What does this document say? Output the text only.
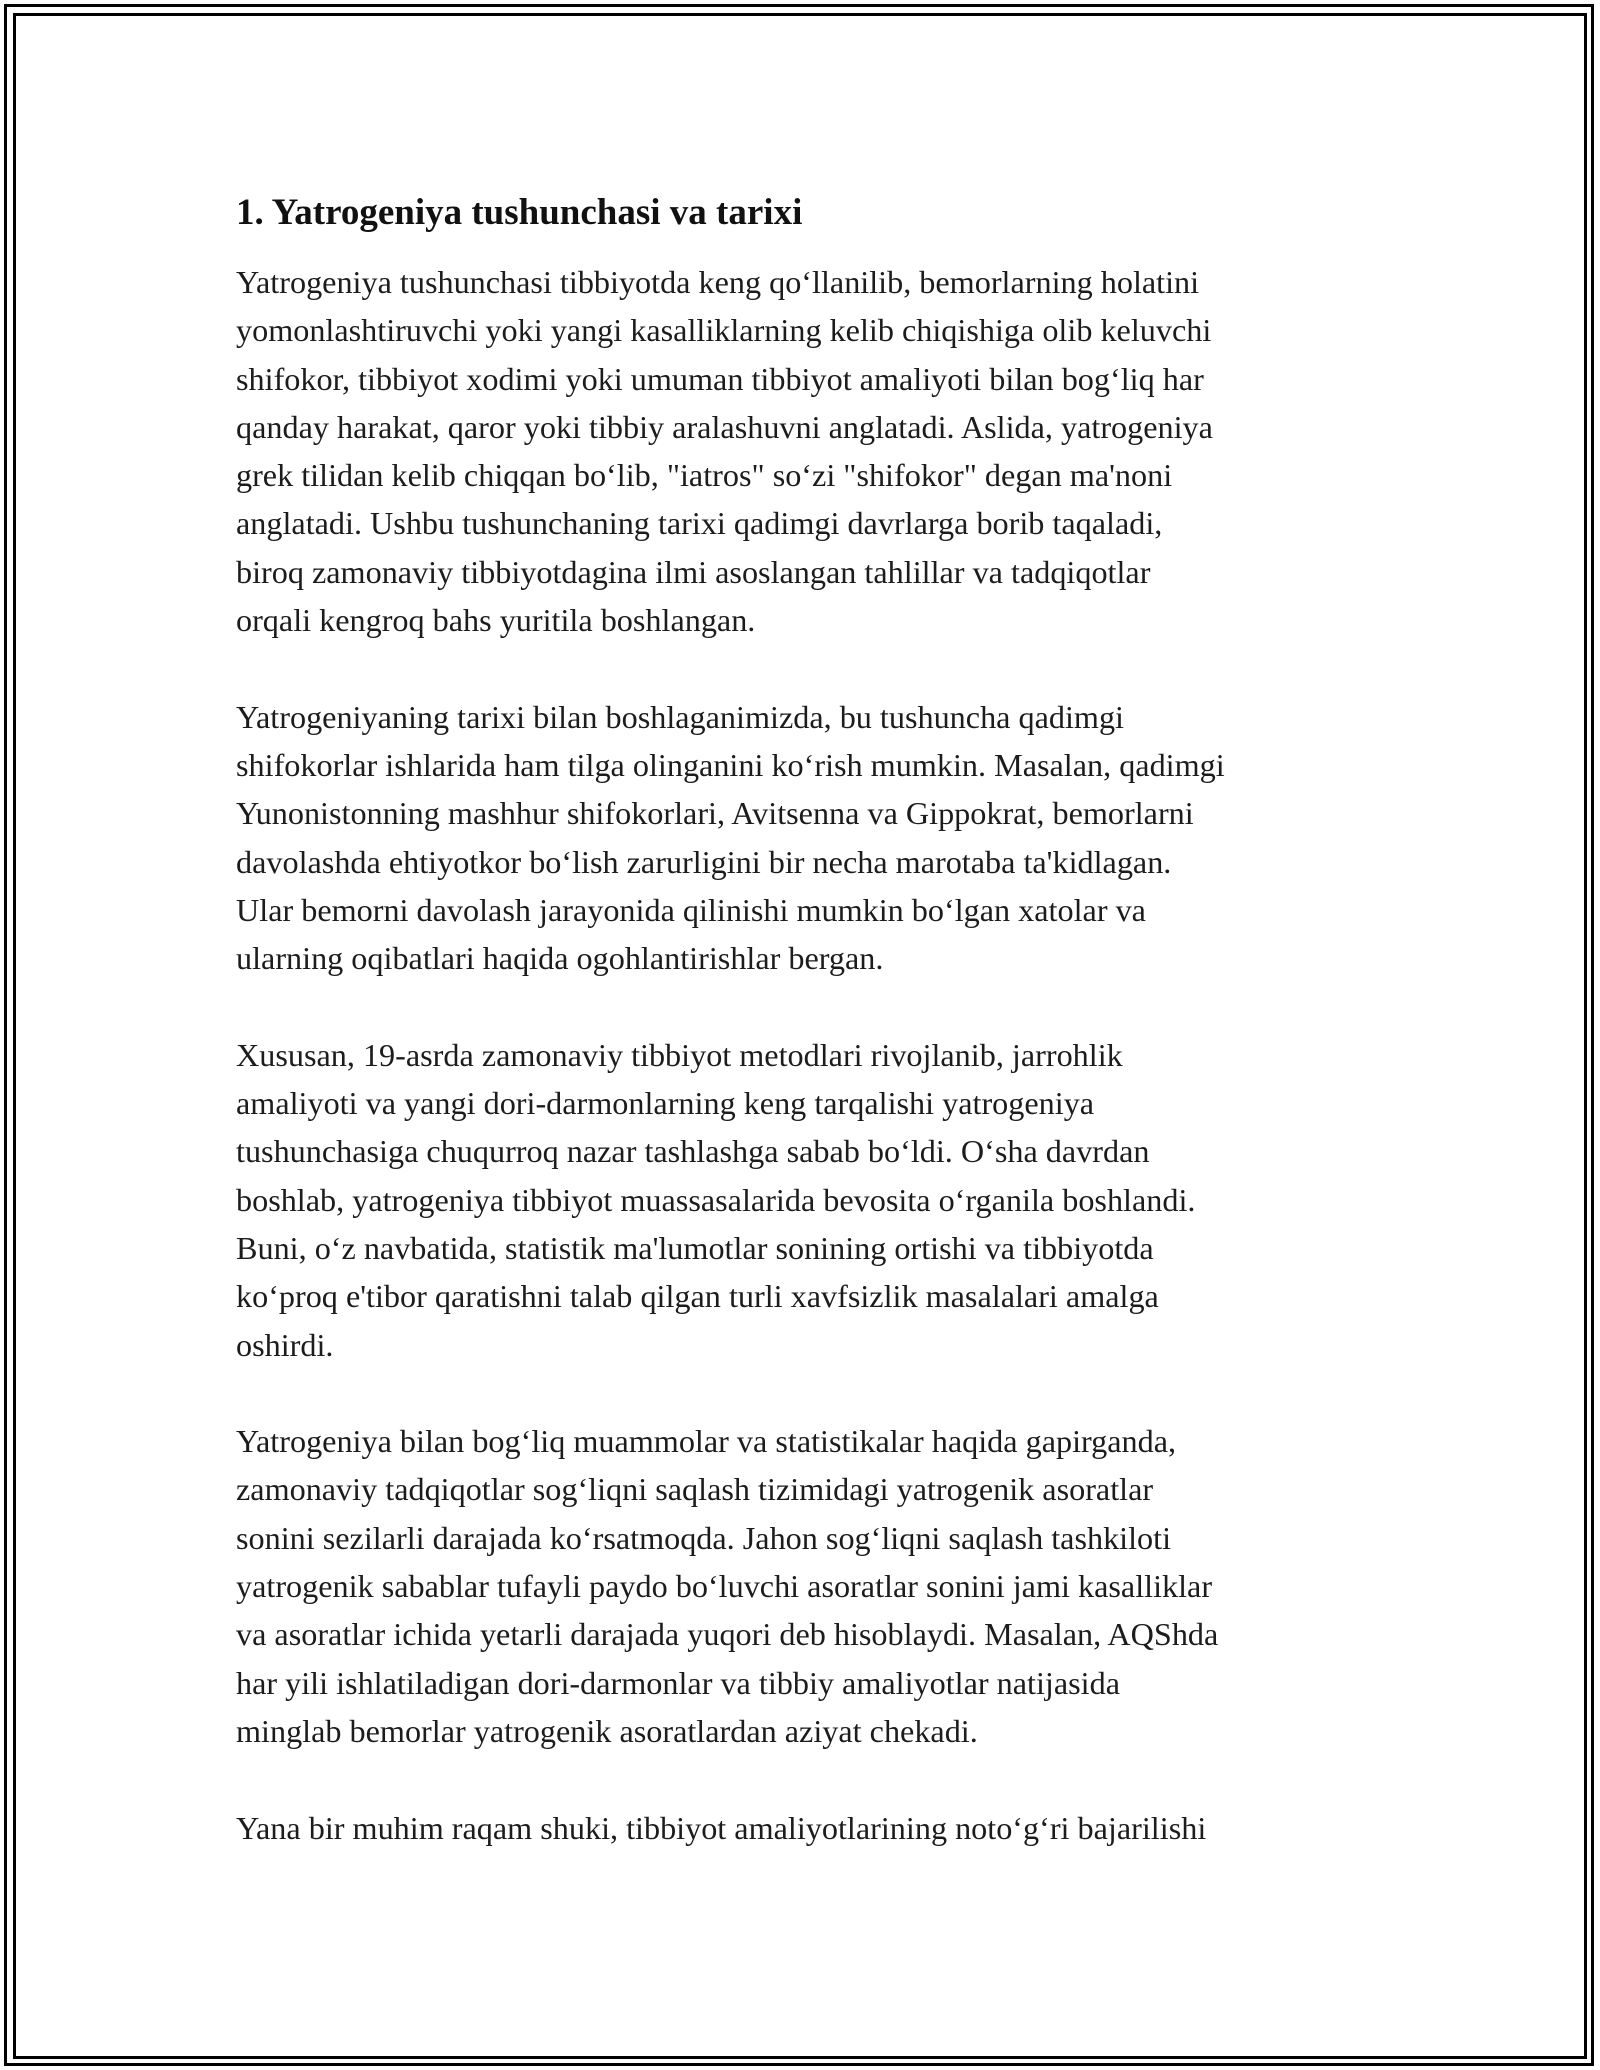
1. Yatrogeniya tushunchasi va tarixi
Yatrogeniya tushunchasi tibbiyotda keng qo‘llanilib, bemorlarning holatini
yomonlashtiruvchi yoki yangi kasalliklarning kelib chiqishiga olib keluvchi
shifokor, tibbiyot xodimi yoki umuman tibbiyot amaliyoti bilan bog‘liq har
qanday harakat, qaror yoki tibbiy aralashuvni anglatadi. Aslida, yatrogeniya
grek tilidan kelib chiqqan bo‘lib, "iatros" so‘zi "shifokor" degan ma'noni
anglatadi. Ushbu tushunchaning tarixi qadimgi davrlarga borib taqaladi,
biroq zamonaviy tibbiyotdagina ilmi asoslangan tahlillar va tadqiqotlar
orqali kengroq bahs yuritila boshlangan.
Yatrogeniyaning tarixi bilan boshlaganimizda, bu tushuncha qadimgi
shifokorlar ishlarida ham tilga olinganini ko‘rish mumkin. Masalan, qadimgi
Yunonistonning mashhur shifokorlari, Avitsenna va Gippokrat, bemorlarni
davolashda ehtiyotkor bo‘lish zarurligini bir necha marotaba ta'kidlagan.
Ular bemorni davolash jarayonida qilinishi mumkin bo‘lgan xatolar va
ularning oqibatlari haqida ogohlantirishlar bergan.
Xususan, 19-asrda zamonaviy tibbiyot metodlari rivojlanib, jarrohlik
amaliyoti va yangi dori-darmonlarning keng tarqalishi yatrogeniya
tushunchasiga chuqurroq nazar tashlashga sabab bo‘ldi. O‘sha davrdan
boshlab, yatrogeniya tibbiyot muassasalarida bevosita o‘rganila boshlandi.
Buni, o‘z navbatida, statistik ma'lumotlar sonining ortishi va tibbiyotda
ko‘proq e'tibor qaratishni talab qilgan turli xavfsizlik masalalari amalga
oshirdi.
Yatrogeniya bilan bog‘liq muammolar va statistikalar haqida gapirganda,
zamonaviy tadqiqotlar sog‘liqni saqlash tizimidagi yatrogenik asoratlar
sonini sezilarli darajada ko‘rsatmoqda. Jahon sog‘liqni saqlash tashkiloti
yatrogenik sabablar tufayli paydo bo‘luvchi asoratlar sonini jami kasalliklar
va asoratlar ichida yetarli darajada yuqori deb hisoblaydi. Masalan, AQShda
har yili ishlatiladigan dori-darmonlar va tibbiy amaliyotlar natijasida
minglab bemorlar yatrogenik asoratlardan aziyat chekadi.
Yana bir muhim raqam shuki, tibbiyot amaliyotlarining noto‘g‘ri bajarilishi
